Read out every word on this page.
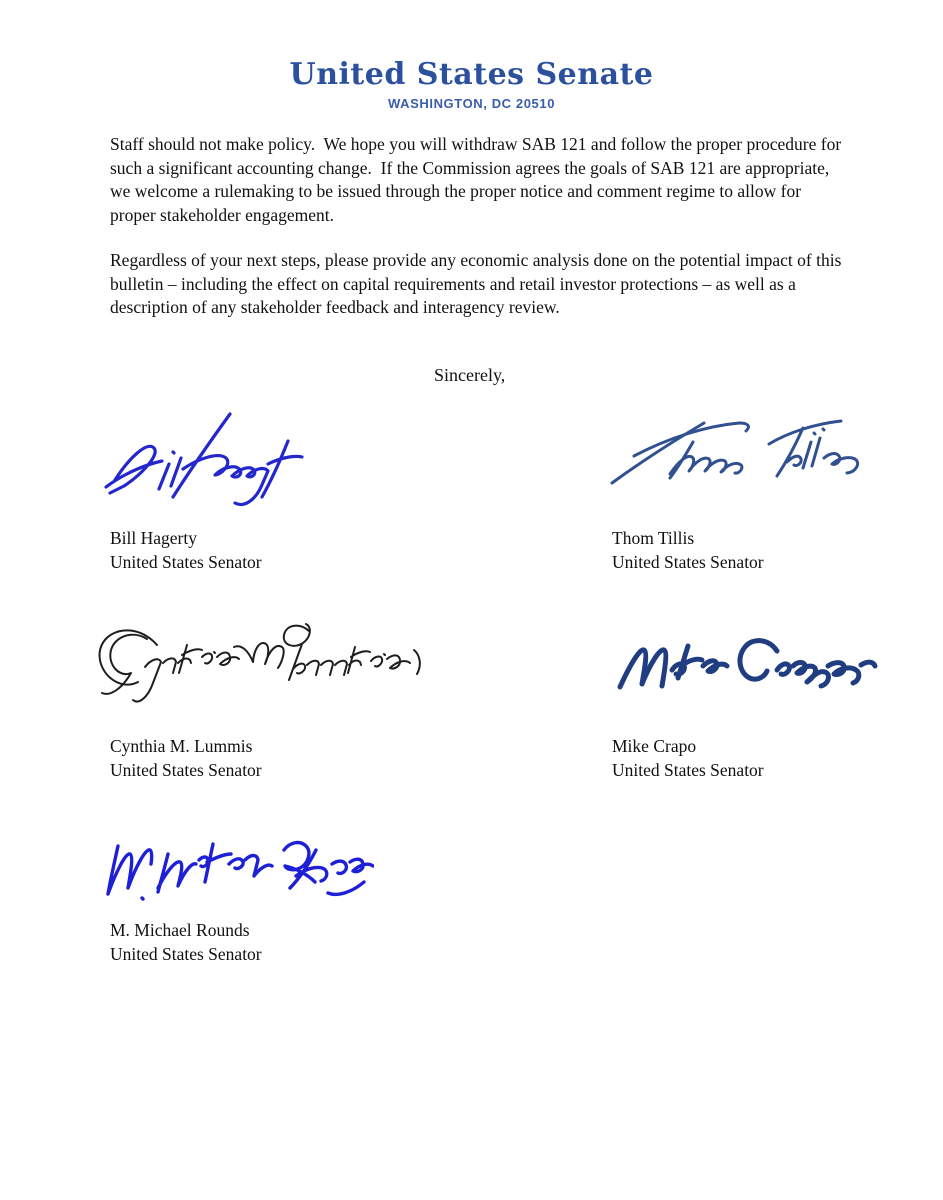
United States Senate
WASHINGTON, DC 20510

Staff should not make policy.  We hope you will withdraw SAB 121 and follow the proper procedure for such a significant accounting change.  If the Commission agrees the goals of SAB 121 are appropriate, we welcome a rulemaking to be issued through the proper notice and comment regime to allow for proper stakeholder engagement.

Regardless of your next steps, please provide any economic analysis done on the potential impact of this bulletin – including the effect on capital requirements and retail investor protections – as well as a description of any stakeholder feedback and interagency review.

Sincerely,
Bill Hagerty
United States Senator
Thom Tillis
United States Senator
Cynthia M. Lummis
United States Senator
Mike Crapo
United States Senator
M. Michael Rounds
United States Senator
